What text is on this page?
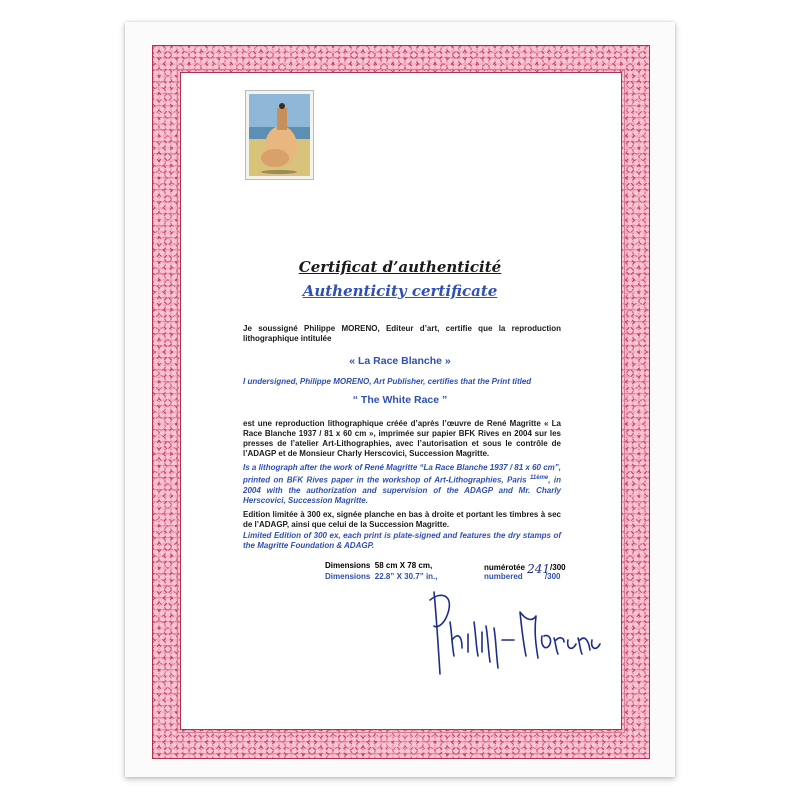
·
Certificat d’authenticité
Authenticity certificate
Je soussigné Philippe MORENO, Editeur d’art, certifie que la reproduction lithographique intitulée
« La Race Blanche »
I undersigned, Philippe MORENO, Art Publisher, certifies that the Print titled
“ The White Race ”
est une reproduction lithographique créée d’après l’œuvre de René Magritte « La Race Blanche 1937 / 81 x 60 cm », imprimée sur papier BFK Rives en 2004 sur les presses de l’atelier Art-Lithographies, avec l’autorisation et sous le contrôle de l’ADAGP et de Monsieur Charly Herscovici, Succession Magritte.
Is a lithograph after the work of René Magritte “La Race Blanche 1937 / 81 x 60 cm”, printed on BFK Rives paper in the workshop of Art-Lithographies, Paris $^{11ème}$, in 2004 with the authorization and supervision of the ADAGP and Mr. Charly Herscovici, Succession Magritte.
Edition limitée à 300 ex, signée planche en bas à droite et portant les timbres à sec de l’ADAGP, ainsi que celui de la Succession Magritte.
Limited Edition of 300 ex, each print is plate-signed and features the dry stamps of the Magritte Foundation & ADAGP.
Dimensions 58 cm X 78 cm,	numérotée 241/300
Dimensions 22.8” X 30.7” in.,	numbered	/300
